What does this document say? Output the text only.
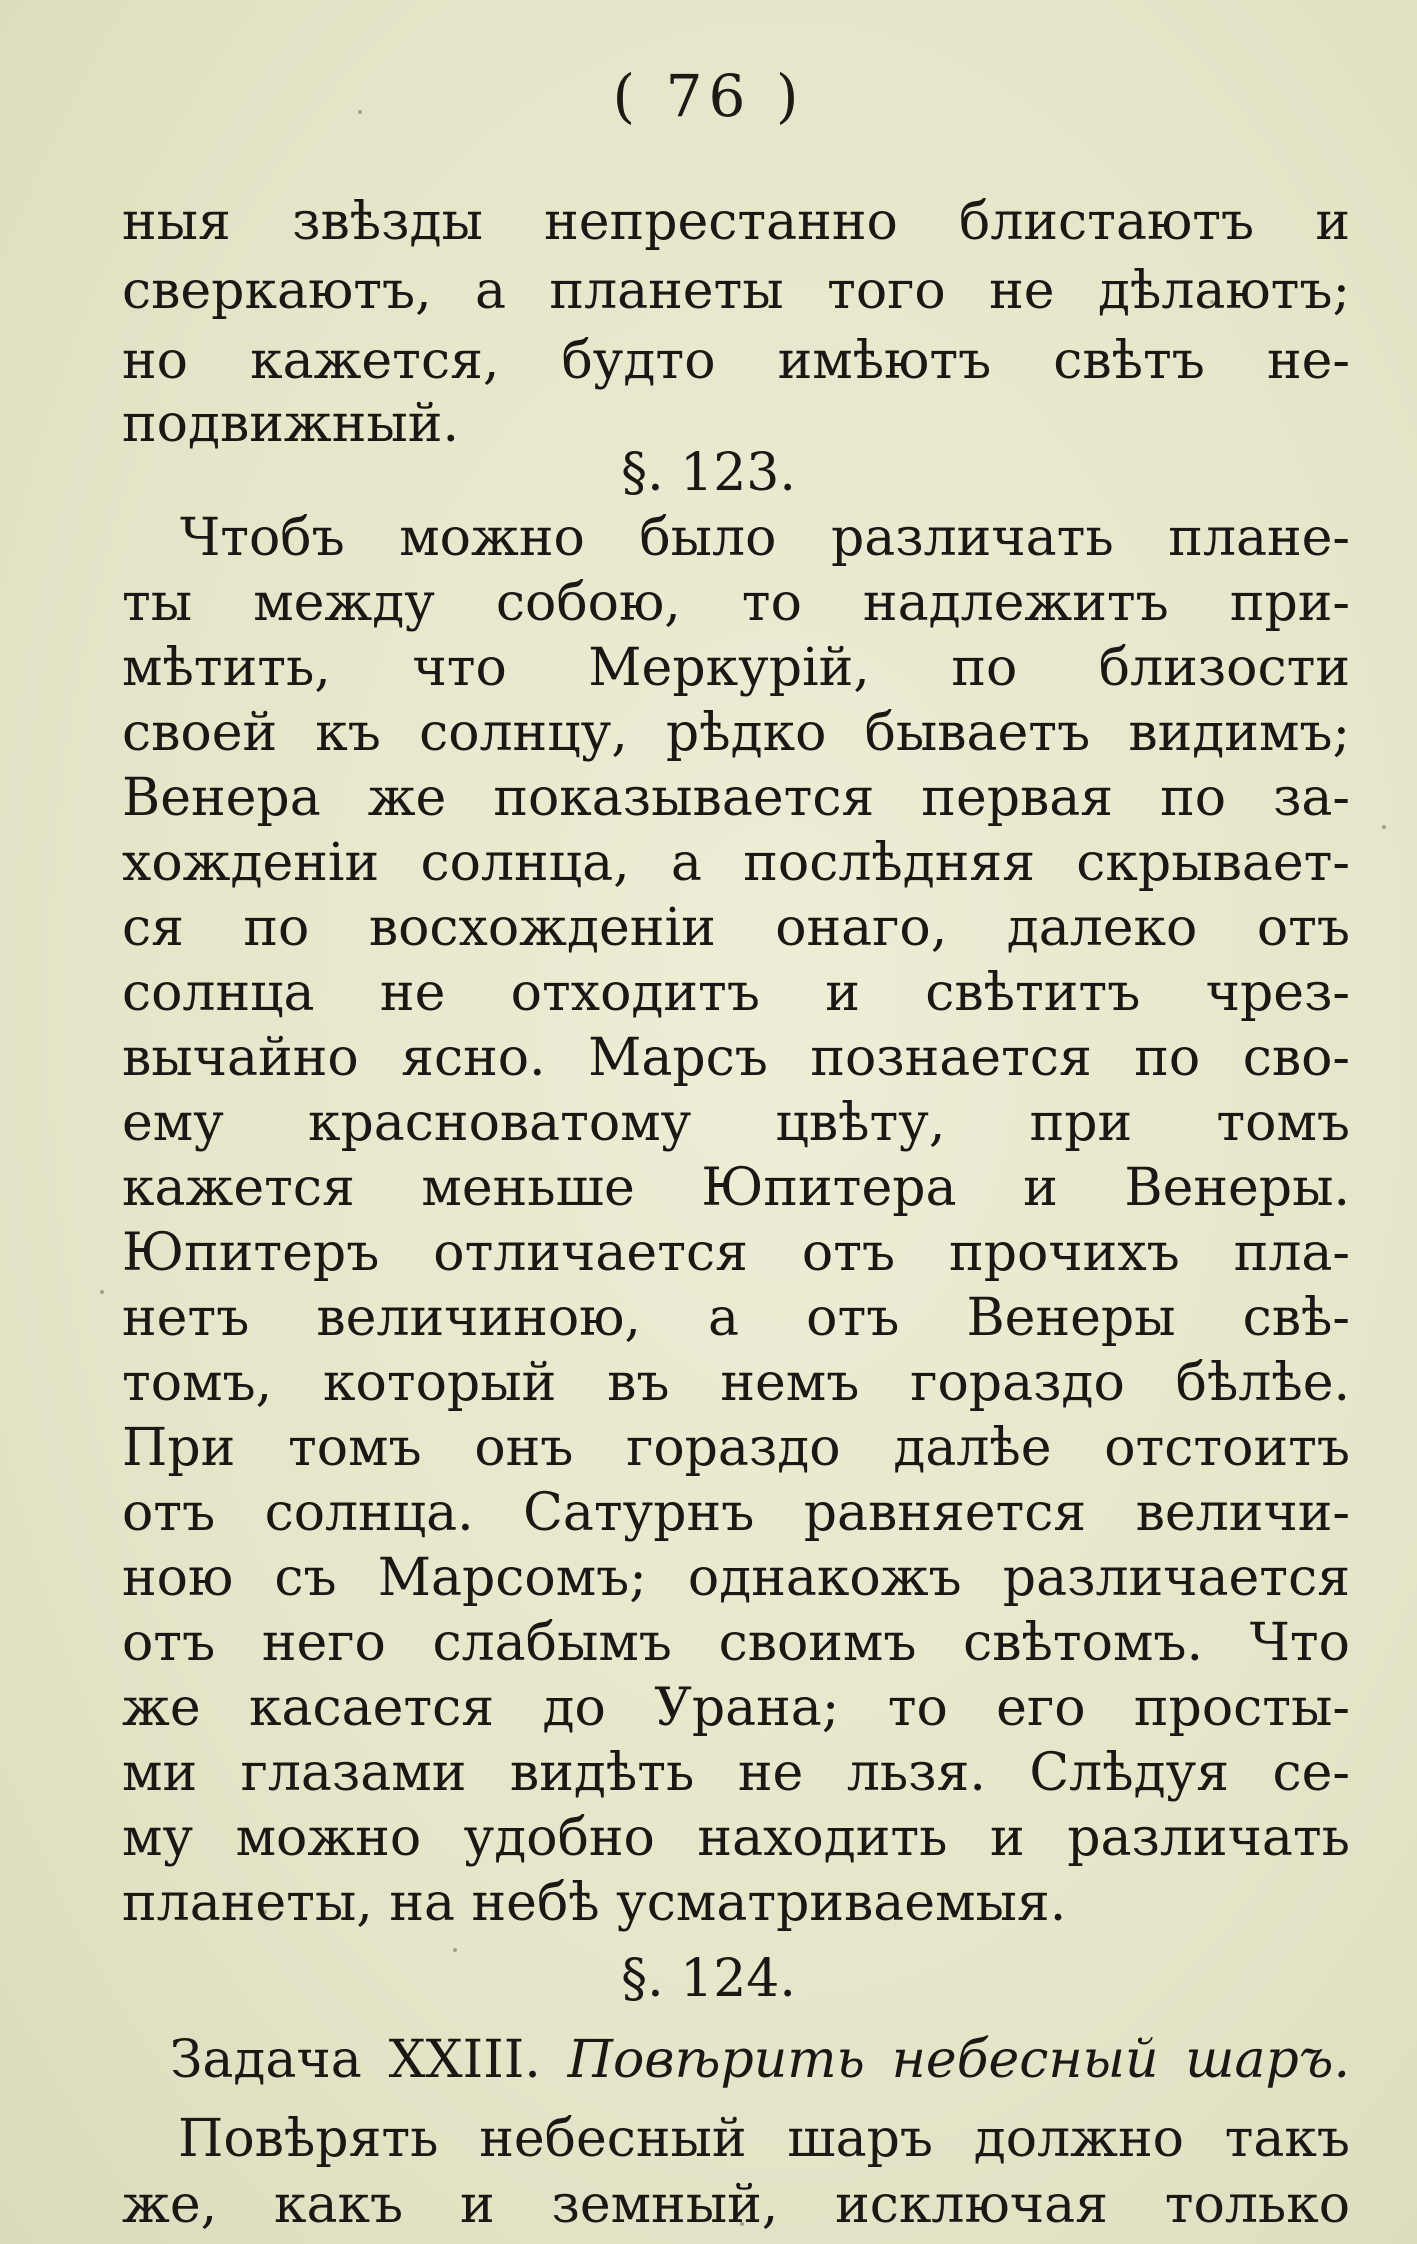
( 76 )
ныя звѣзды непрестанно блистаютъ и
сверкаютъ, а планеты того не дѣлаютъ;
но кажется, будто имѣютъ свѣтъ не-
подвижный.
§. 123.
Чтобъ можно было различать плане-
ты между собою, то надлежитъ при-
мѣтить, что Меркурій, по близости
своей къ солнцу, рѣдко бываетъ видимъ;
Венера же показывается первая по за-
хожденіи солнца, а послѣдняя скрывает-
ся по восхожденіи онаго, далеко отъ
солнца не отходитъ и свѣтитъ чрез-
вычайно ясно. Марсъ познается по сво-
ему красноватому цвѣту, при томъ
кажется меньше Юпитера и Венеры.
Юпитеръ отличается отъ прочихъ пла-
нетъ величиною, а отъ Венеры свѣ-
томъ, который въ немъ гораздо бѣлѣе.
При томъ онъ гораздо далѣе отстоитъ
отъ солнца. Сатурнъ равняется величи-
ною съ Марсомъ; однакожъ различается
отъ него слабымъ своимъ свѣтомъ. Что
же касается до Урана; то его просты-
ми глазами видѣть не льзя. Слѣдуя се-
му можно удобно находить и различать
планеты, на небѣ усматриваемыя.
§. 124.
Задача XXIII. Повѣрить небесный шаръ.
Повѣрять небесный шаръ должно такъ
же, какъ и земный, исключая только
